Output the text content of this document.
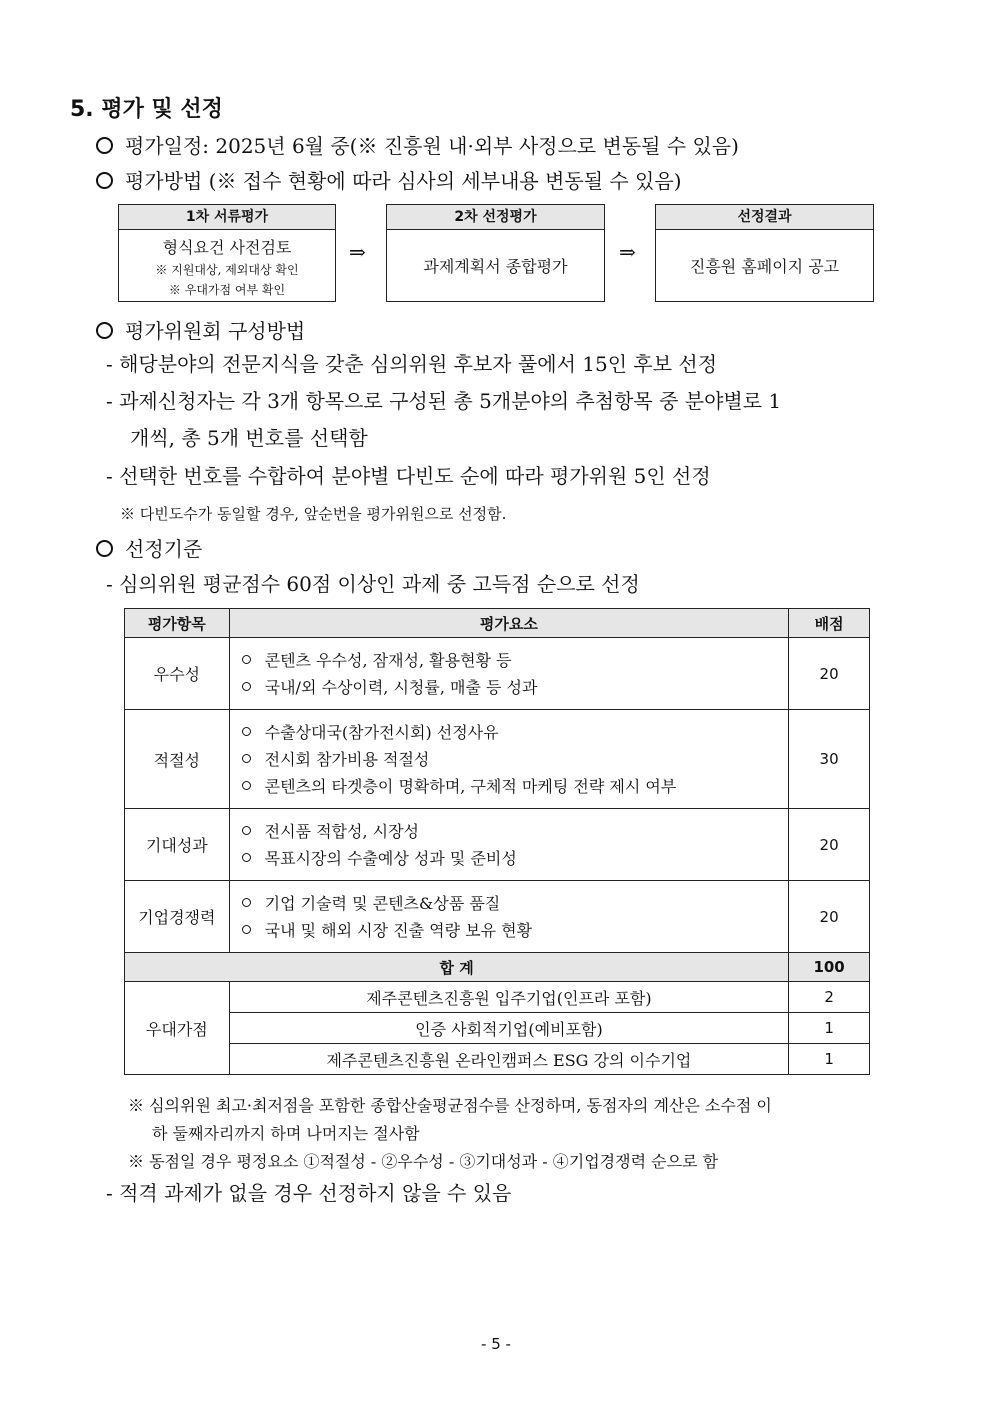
5. 평가 및 선정
평가일정: 2025년 6월 중(※ 진흥원 내·외부 사정으로 변동될 수 있음)
평가방법 (※ 접수 현황에 따라 심사의 세부내용 변동될 수 있음)
1차 서류평가
형식요건 사전검토
※ 지원대상, 제외대상 확인
※ 우대가점 여부 확인
⇒
2차 선정평가
과제계획서 종합평가
⇒
선정결과
진흥원 홈페이지 공고
평가위원회 구성방법
- 해당분야의 전문지식을 갖춘 심의위원 후보자 풀에서 15인 후보 선정
- 과제신청자는 각 3개 항목으로 구성된 총 5개분야의 추첨항목 중 분야별로 1
개씩, 총 5개 번호를 선택함
- 선택한 번호를 수합하여 분야별 다빈도 순에 따라 평가위원 5인 선정
※ 다빈도수가 동일할 경우, 앞순번을 평가위원으로 선정함.
선정기준
- 심의위원 평균점수 60점 이상인 과제 중 고득점 순으로 선정
평가항목	평가요소	배점
우수성	콘텐츠 우수성, 잠재성, 활용현황 등
국내/외 수상이력, 시청률, 매출 등 성과	20
적절성	수출상대국(참가전시회) 선정사유
전시회 참가비용 적절성
콘텐츠의 타겟층이 명확하며, 구체적 마케팅 전략 제시 여부	30
기대성과	전시품 적합성, 시장성
목표시장의 수출예상 성과 및 준비성	20
기업경쟁력	기업 기술력 및 콘텐츠&상품 품질
국내 및 해외 시장 진출 역량 보유 현황	20
합 계		100
우대가점	제주콘텐츠진흥원 입주기업(인프라 포함)	2
	인증 사회적기업(예비포함)	1
	제주콘텐츠진흥원 온라인캠퍼스 ESG 강의 이수기업	1
※ 심의위원 최고·최저점을 포함한 종합산술평균점수를 산정하며, 동점자의 계산은 소수점 이
하 둘째자리까지 하며 나머지는 절사함
※ 동점일 경우 평정요소 ①적절성 - ②우수성 - ③기대성과 - ④기업경쟁력 순으로 함
- 적격 과제가 없을 경우 선정하지 않을 수 있음
- 5 -
